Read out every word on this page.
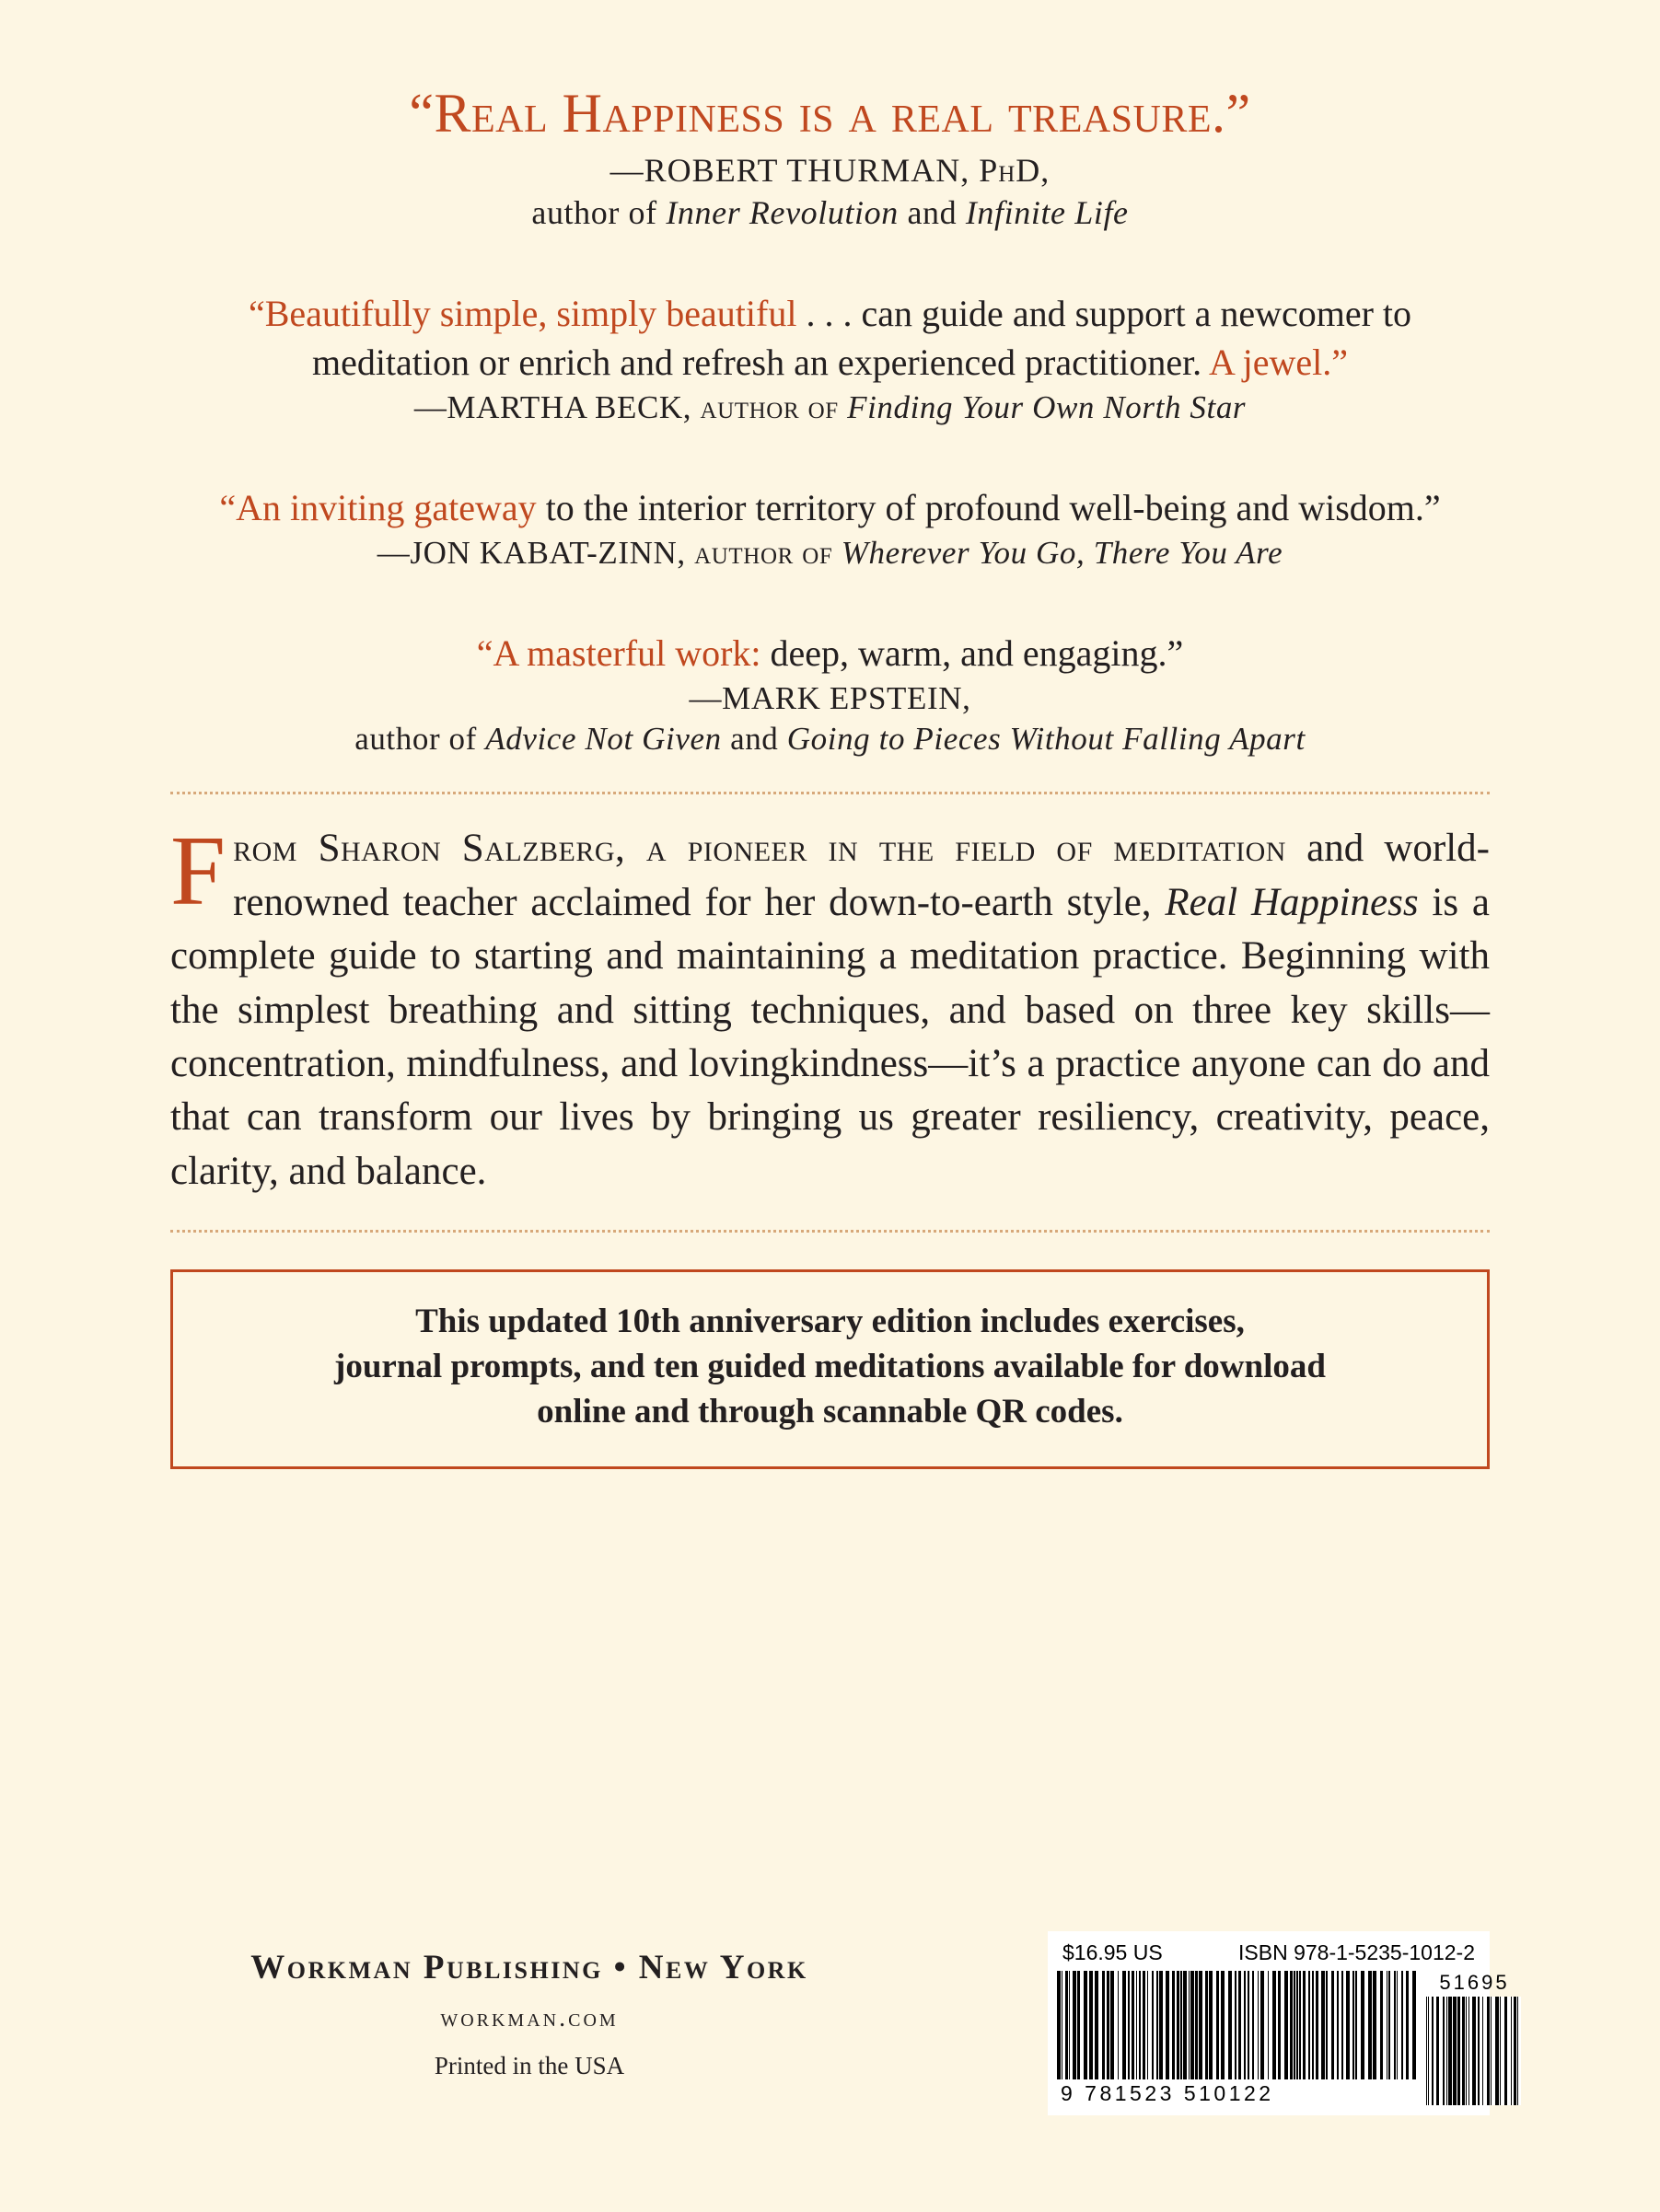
“Real Happiness is a real treasure.”
—ROBERT THURMAN, PhD,
author of Inner Revolution and Infinite Life
“Beautifully simple, simply beautiful . . . can guide and support a newcomer to meditation or enrich and refresh an experienced practitioner. A jewel.”
—MARTHA BECK, author of Finding Your Own North Star
“An inviting gateway to the interior territory of profound well-being and wisdom.”
—JON KABAT-ZINN, author of Wherever You Go, There You Are
“A masterful work: deep, warm, and engaging.”
—MARK EPSTEIN,
author of Advice Not Given and Going to Pieces Without Falling Apart
From Sharon Salzberg, a pioneer in the field of meditation and world-renowned teacher acclaimed for her down-to-earth style, Real Happiness is a complete guide to starting and maintaining a meditation practice. Beginning with the simplest breathing and sitting techniques, and based on three key skills—concentration, mindfulness, and lovingkindness—it’s a practice anyone can do and that can transform our lives by bringing us greater resiliency, creativity, peace, clarity, and balance.

This updated 10th anniversary edition includes exercises,

journal prompts, and ten guided meditations available for download

online and through scannable QR codes.

Workman Publishing • New York
workman.com
Printed in the USA
$16.95 US	ISBN 978-1-5235-1012-2
9 781523 510122
51695
